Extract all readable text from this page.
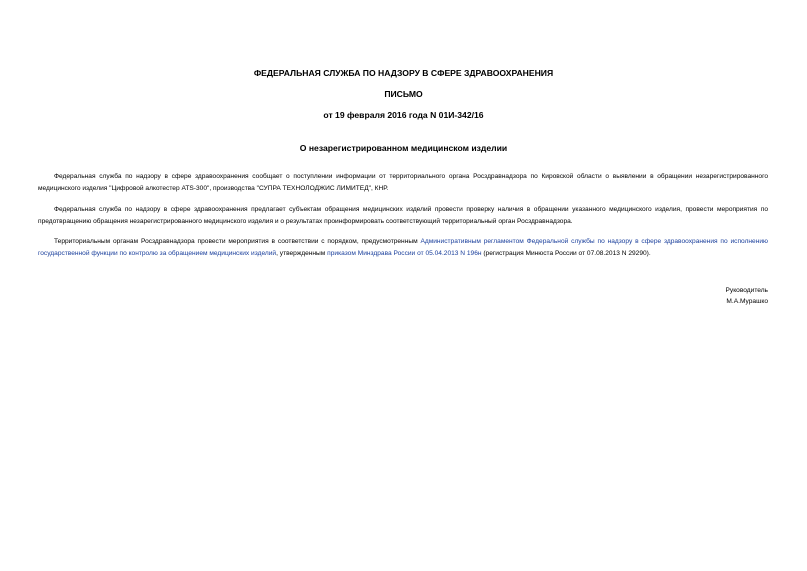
ФЕДЕРАЛЬНАЯ СЛУЖБА ПО НАДЗОРУ В СФЕРЕ ЗДРАВООХРАНЕНИЯ
ПИСЬМО
от 19 февраля 2016 года N 01И-342/16
О незарегистрированном медицинском изделии

Федеральная служба по надзору в сфере здравоохранения сообщает о поступлении информации от территориального органа Росздравнадзора по Кировской области о выявлении в обращении незарегистрированного медицинского изделия "Цифровой алкотестер ATS-300", производства "СУПРА ТЕХНОЛОДЖИС ЛИМИТЕД", КНР.

Федеральная служба по надзору в сфере здравоохранения предлагает субъектам обращения медицинских изделий провести проверку наличия в обращении указанного медицинского изделия, провести мероприятия по предотвращению обращения незарегистрированного медицинского изделия и о результатах проинформировать соответствующий территориальный орган Росздравнадзора.

Территориальным органам Росздравнадзора провести мероприятия в соответствии с порядком, предусмотренным Административным регламентом Федеральной службы по надзору в сфере здравоохранения по исполнению государственной функции по контролю за обращением медицинских изделий, утвержденным приказом Минздрава России от 05.04.2013 N 196н (регистрация Минюста России от 07.08.2013 N 29290).

Руководитель
М.А.Мурашко
